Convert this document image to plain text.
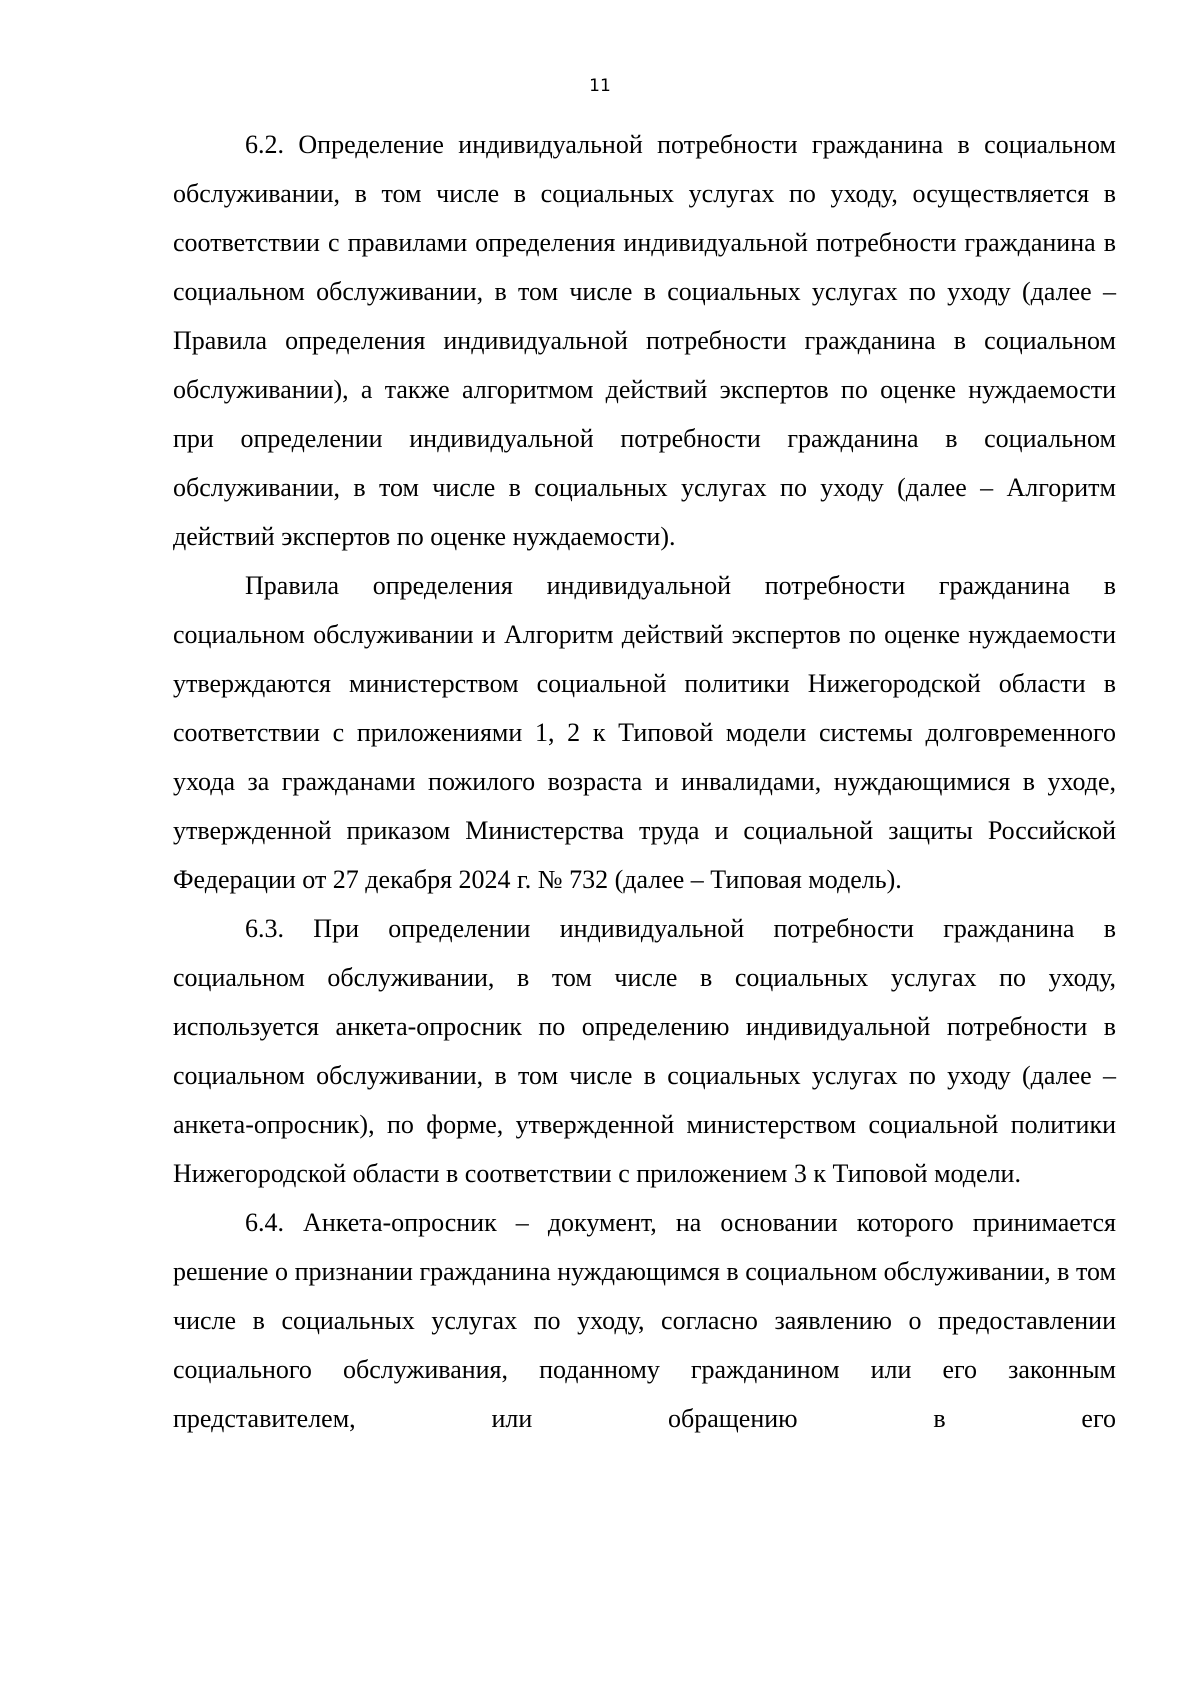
11

6.2. Определение индивидуальной потребности гражданина в социальном обслуживании, в том числе в социальных услугах по уходу, осуществляется в соответствии с правилами определения индивидуальной потребности гражданина в социальном обслуживании, в том числе в социальных услугах по уходу (далее – Правила определения индивидуальной потребности гражданина в социальном обслуживании), а также алгоритмом действий экспертов по оценке нуждаемости при определении индивидуальной потребности гражданина в социальном обслуживании, в том числе в социальных услугах по уходу (далее – Алгоритм действий экспертов по оценке нуждаемости).

Правила определения индивидуальной потребности гражданина в социальном обслуживании и Алгоритм действий экспертов по оценке нуждаемости утверждаются министерством социальной политики Нижегородской области в соответствии с приложениями 1, 2 к Типовой модели системы долговременного ухода за гражданами пожилого возраста и инвалидами, нуждающимися в уходе, утвержденной приказом Министерства труда и социальной защиты Российской Федерации от 27 декабря 2024 г. № 732 (далее – Типовая модель).

6.3. При определении индивидуальной потребности гражданина в социальном обслуживании, в том числе в социальных услугах по уходу, используется анкета-опросник по определению индивидуальной потребности в социальном обслуживании, в том числе в социальных услугах по уходу (далее – анкета-опросник), по форме, утвержденной министерством социальной политики Нижегородской области в соответствии с приложением 3 к Типовой модели.

6.4. Анкета-опросник – документ, на основании которого принимается решение о признании гражданина нуждающимся в социальном обслуживании, в том числе в социальных услугах по уходу, согласно заявлению о предоставлении социального обслуживания, поданному гражданином или его законным представителем, или обращению в его
